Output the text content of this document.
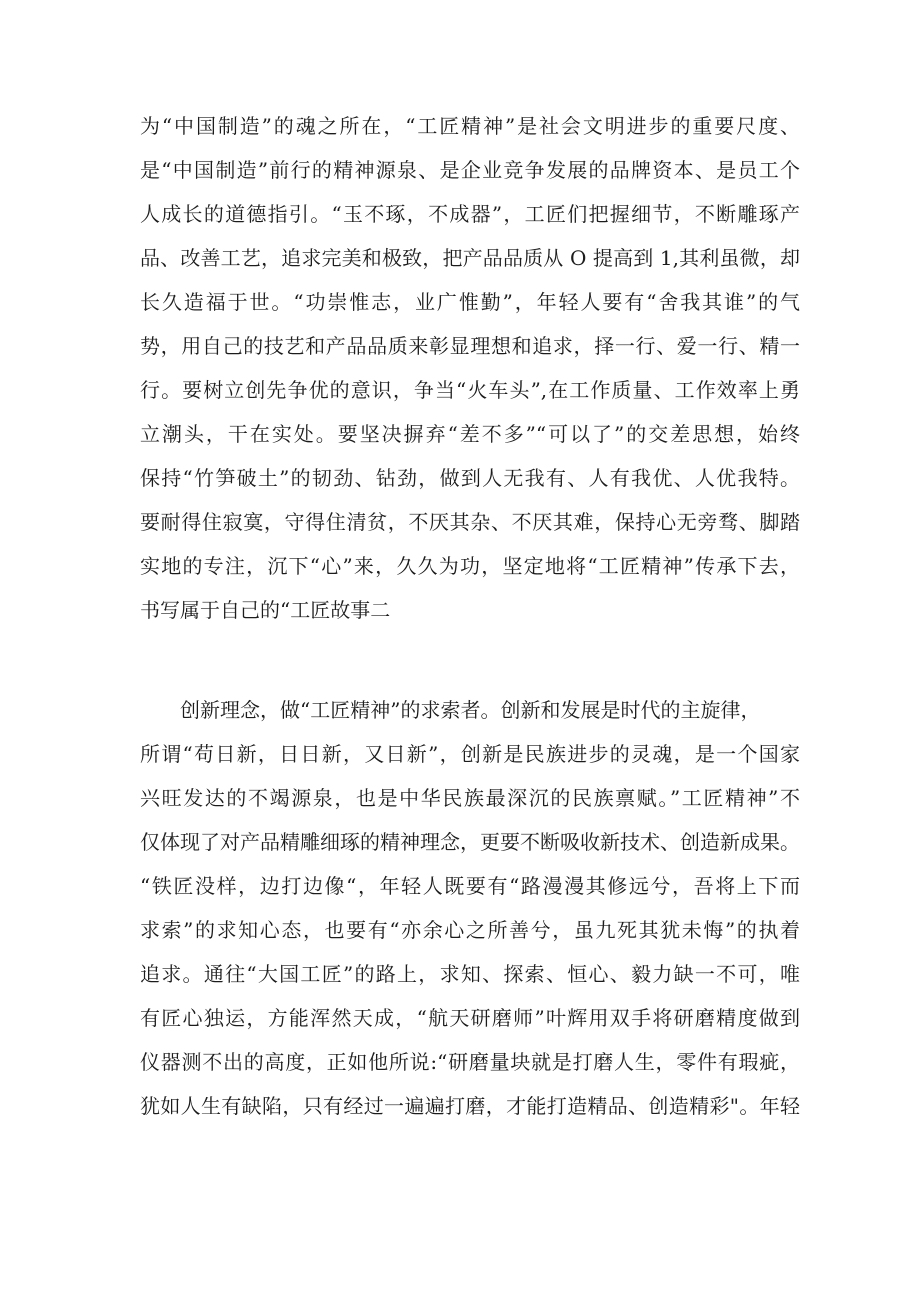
为“中国制造”的魂之所在，“工匠精神”是社会文明进步的重要尺度、
是“中国制造”前行的精神源泉、是企业竞争发展的品牌资本、是员工个
人成长的道德指引。“玉不琢，不成器”，工匠们把握细节，不断雕琢产
品、改善工艺，追求完美和极致，把产品品质从 O 提高到 1,其利虽微，却
长久造福于世。“功崇惟志，业广惟勤”，年轻人要有“舍我其谁”的气
势，用自己的技艺和产品品质来彰显理想和追求，择一行、爱一行、精一
行。要树立创先争优的意识，争当“火车头”,在工作质量、工作效率上勇
立潮头，干在实处。要坚决摒弃“差不多”“可以了”的交差思想，始终
保持“竹笋破土”的韧劲、钻劲，做到人无我有、人有我优、人优我特。
要耐得住寂寞，守得住清贫，不厌其杂、不厌其难，保持心无旁骛、脚踏
实地的专注，沉下“心”来，久久为功，坚定地将“工匠精神”传承下去，
书写属于自己的“工匠故事二
创新理念，做“工匠精神”的求索者。创新和发展是时代的主旋律，
所谓“苟日新，日日新，又日新”，创新是民族进步的灵魂，是一个国家
兴旺发达的不竭源泉，也是中华民族最深沉的民族禀赋。”工匠精神”不
仅体现了对产品精雕细琢的精神理念，更要不断吸收新技术、创造新成果。
“铁匠没样，边打边像“，年轻人既要有“路漫漫其修远兮，吾将上下而
求索”的求知心态，也要有“亦余心之所善兮，虽九死其犹未悔”的执着
追求。通往“大国工匠”的路上，求知、探索、恒心、毅力缺一不可，唯
有匠心独运，方能浑然天成，“航天研磨师”叶辉用双手将研磨精度做到
仪器测不出的高度，正如他所说:“研磨量块就是打磨人生，零件有瑕疵，
犹如人生有缺陷，只有经过一遍遍打磨，才能打造精品、创造精彩"。年轻
